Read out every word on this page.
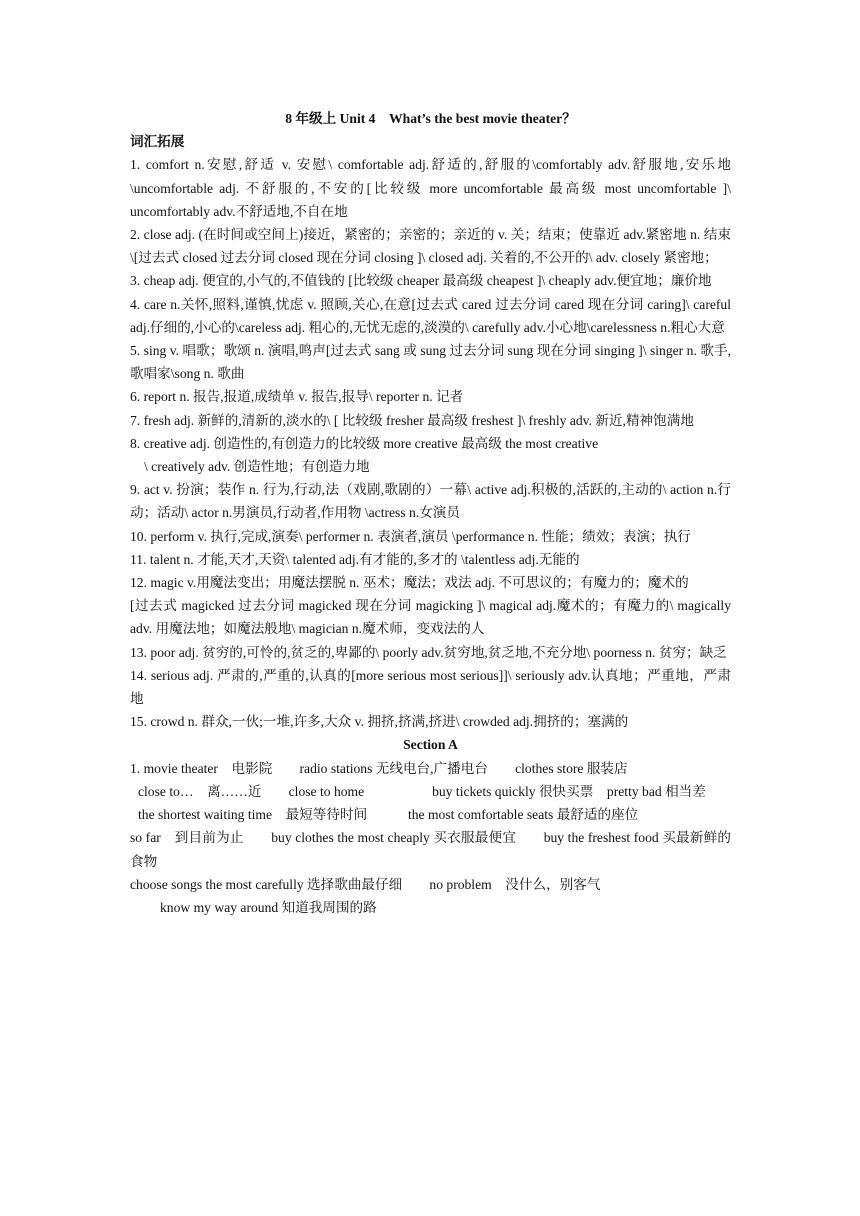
8 年级上 Unit 4　What’s the best movie theater？

词汇拓展

1. comfort n.安慰,舒适 v. 安慰\ comfortable adj.舒适的,舒服的\comfortably adv.舒服地,安乐地 \uncomfortable adj. 不舒服的,不安的[比较级 more uncomfortable 最高级 most uncomfortable ]\ uncomfortably adv.不舒适地,不自在地

2. close adj. (在时间或空间上)接近，紧密的；亲密的；亲近的 v. 关；结束；使靠近 adv.紧密地 n. 结束\[过去式 closed 过去分词 closed 现在分词 closing ]\ closed adj. 关着的,不公开的\ adv. closely 紧密地；

3. cheap adj. 便宜的,小气的,不值钱的 [比较级 cheaper 最高级 cheapest ]\ cheaply adv.便宜地；廉价地

4. care n.关怀,照料,谨慎,忧虑 v. 照顾,关心,在意[过去式 cared 过去分词 cared 现在分词 caring]\ careful adj.仔细的,小心的\careless adj. 粗心的,无忧无虑的,淡漠的\ carefully adv.小心地\carelessness n.粗心大意

5. sing v. 唱歌；歌颂 n. 演唱,鸣声[过去式 sang 或 sung 过去分词 sung 现在分词 singing ]\ singer n. 歌手,歌唱家\song n. 歌曲

6. report n. 报告,报道,成绩单 v. 报告,报导\ reporter n. 记者

7. fresh adj. 新鲜的,清新的,淡水的\ [ 比较级 fresher 最高级 freshest ]\ freshly adv. 新近,精神饱满地

8. creative adj. 创造性的,有创造力的比较级 more creative 最高级 the most creative

\ creatively adv. 创造性地；有创造力地

9. act v. 扮演；装作 n. 行为,行动,法（戏剧,歌剧的）一幕\ active adj.积极的,活跃的,主动的\ action n.行动；活动\ actor n.男演员,行动者,作用物 \actress n.女演员

10. perform v. 执行,完成,演奏\ performer n. 表演者,演员 \performance n. 性能；绩效；表演；执行

11. talent n. 才能,天才,天资\ talented adj.有才能的,多才的 \talentless adj.无能的

12. magic v.用魔法变出；用魔法摆脱 n. 巫术；魔法；戏法 adj. 不可思议的；有魔力的；魔术的

[过去式 magicked 过去分词 magicked 现在分词 magicking ]\ magical adj.魔术的；有魔力的\ magically adv. 用魔法地；如魔法般地\ magician n.魔术师，变戏法的人

13. poor adj. 贫穷的,可怜的,贫乏的,卑鄙的\ poorly adv.贫穷地,贫乏地,不充分地\ poorness n. 贫穷；缺乏

14. serious adj. 严肃的,严重的,认真的[more serious most serious]]\ seriously adv.认真地；严重地，严肃地

15. crowd n. 群众,一伙;一堆,许多,大众 v. 拥挤,挤满,挤进\ crowded adj.拥挤的；塞满的

Section A

1. movie theater　电影院　　radio stations 无线电台,广播电台　　clothes store 服装店

close to…　离……近　　close to home　　　　　buy tickets quickly 很快买票　pretty bad 相当差

the shortest waiting time　最短等待时间　　　the most comfortable seats 最舒适的座位

so far　到目前为止　　buy clothes the most cheaply 买衣服最便宜　　buy the freshest food 买最新鲜的食物

choose songs the most carefully 选择歌曲最仔细　　no problem　没什么，别客气

know my way around 知道我周围的路
